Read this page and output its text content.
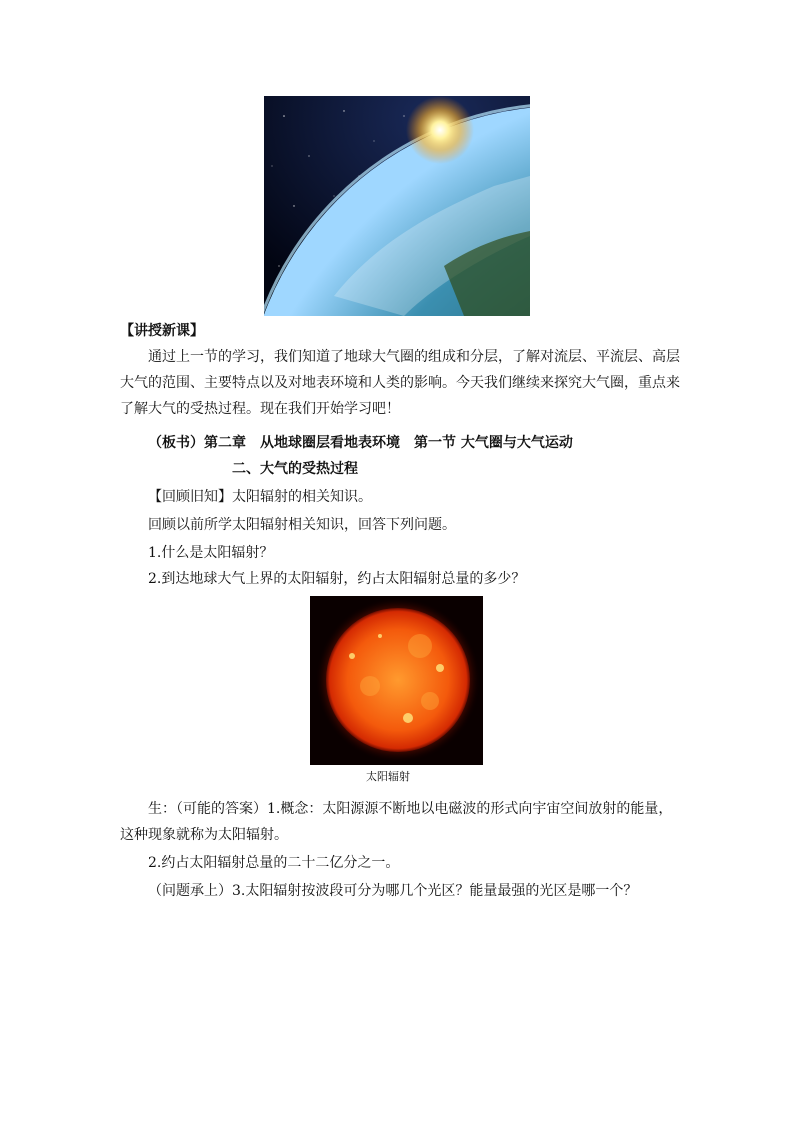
【讲授新课】
通过上一节的学习，我们知道了地球大气圈的组成和分层，了解对流层、平流层、高层
大气的范围、主要特点以及对地表环境和人类的影响。今天我们继续来探究大气圈，重点来
了解大气的受热过程。现在我们开始学习吧！
（板书）第二章　从地球圈层看地表环境　第一节 大气圈与大气运动
二、大气的受热过程
【回顾旧知】太阳辐射的相关知识。
回顾以前所学太阳辐射相关知识，回答下列问题。
1.什么是太阳辐射？
2.到达地球大气上界的太阳辐射，约占太阳辐射总量的多少？
太阳辐射
生：（可能的答案）1.概念：太阳源源不断地以电磁波的形式向宇宙空间放射的能量，
这种现象就称为太阳辐射。
2.约占太阳辐射总量的二十二亿分之一。
（问题承上）3.太阳辐射按波段可分为哪几个光区？能量最强的光区是哪一个？
